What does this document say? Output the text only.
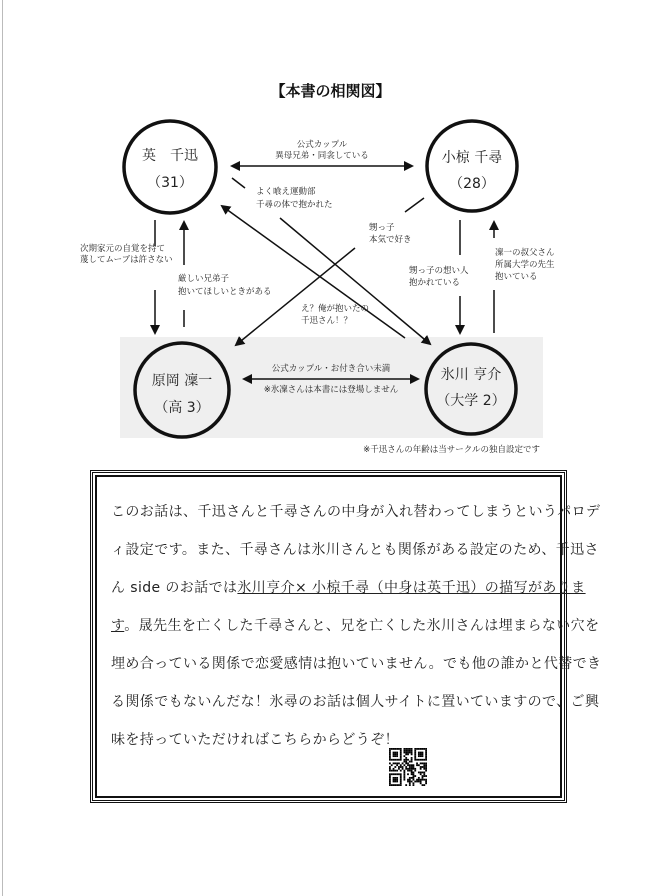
【本書の相関図】
英　千迅
（31）
小椋 千尋
（28）
原岡 凜一
（高 3）
氷川 亨介
（大学 2）
公式カップル
異母兄弟・同衾している
よく喰え運動部
千尋の体で抱かれた
次期家元の自覚を持て
蔑してムーブは許さない
厳しい兄弟子
抱いてほしいときがある
え？俺が抱いたの
千迅さん！？
甥っ子
本気で好き
甥っ子の想い人
抱かれている
凜一の叔父さん
所属大学の先生
抱いている
公式カップル・お付き合い未満
※氷凜さんは本書には登場しません
※千迅さんの年齢は当サークルの独自設定です
このお話は、千迅さんと千尋さんの中身が入れ替わってしまうというパロデ
ィ設定です。また、千尋さんは氷川さんとも関係がある設定のため、千迅さ
ん side のお話では氷川亨介× 小椋千尋（中身は英千迅）の描写がありま
す。晟先生を亡くした千尋さんと、兄を亡くした氷川さんは埋まらない穴を
埋め合っている関係で恋愛感情は抱いていません。でも他の誰かと代替でき
る関係でもないんだな！氷尋のお話は個人サイトに置いていますので、ご興
味を持っていただければこちらからどうぞ！
